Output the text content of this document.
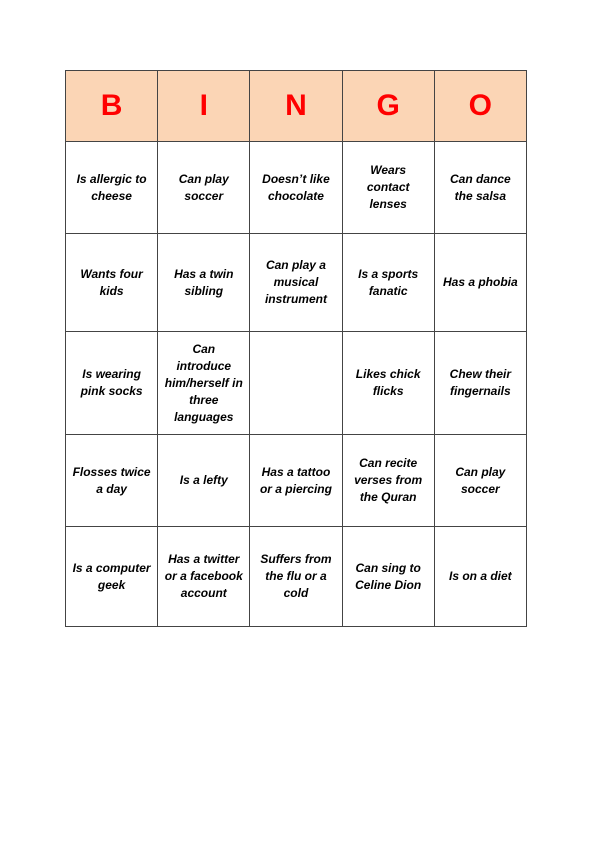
B	I	N	G	O
Is allergic to cheese	Can play soccer	Doesn’t like chocolate	Wears contact lenses	Can dance the salsa
Wants four kids	Has a twin sibling	Can play a musical instrument	Is a sports fanatic	Has a phobia
Is wearing pink socks	Can introduce him/herself in three languages		Likes chick flicks	Chew their fingernails
Flosses twice a day	Is a lefty	Has a tattoo or a piercing	Can recite verses from the Quran	Can play soccer
Is a computer geek	Has a twitter or a facebook account	Suffers from the flu or a cold	Can sing to Celine Dion	Is on a diet
